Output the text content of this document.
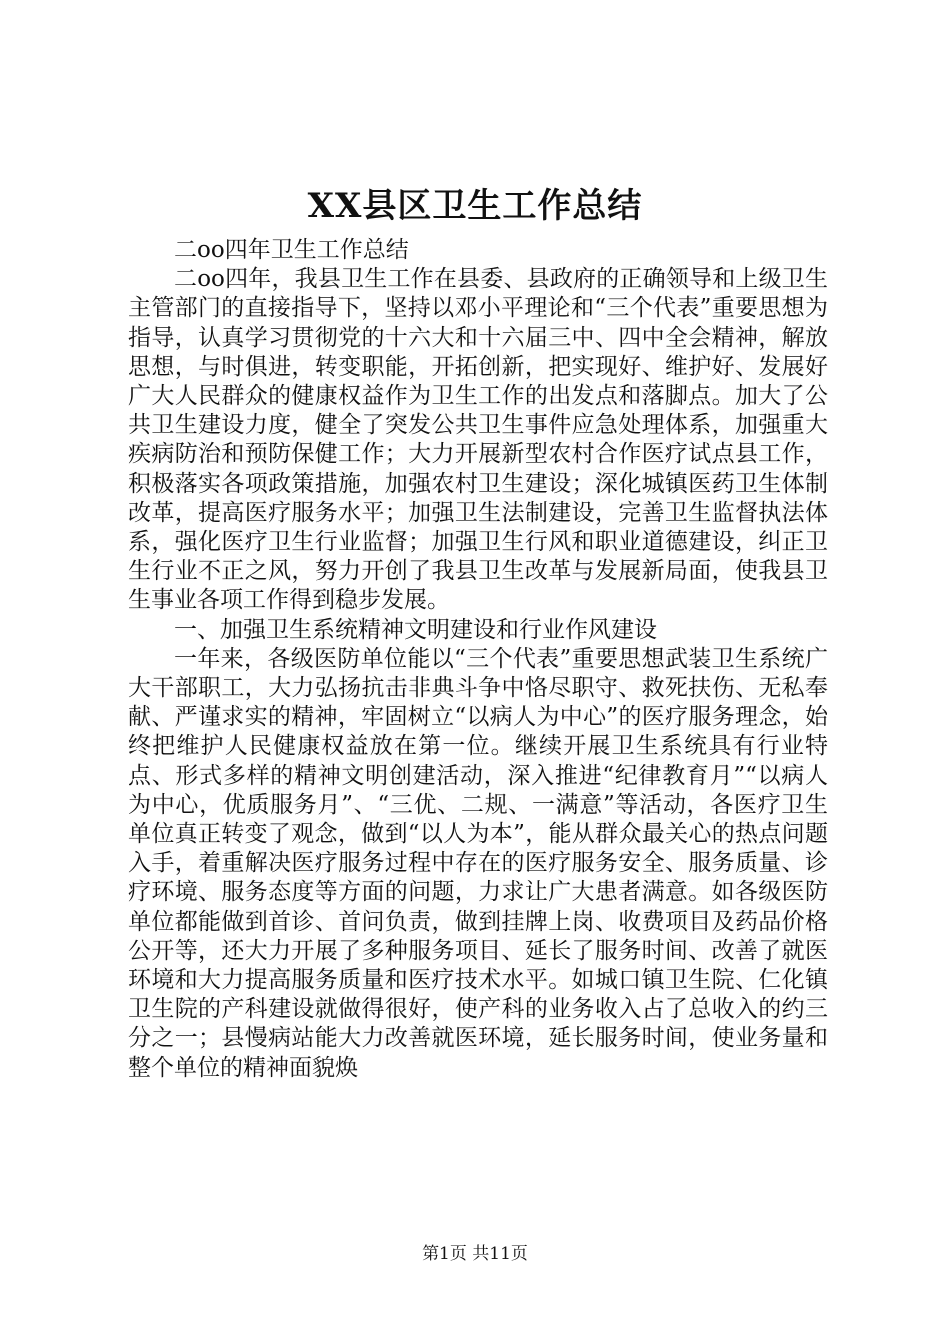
XX县区卫生工作总结

二oo四年卫生工作总结

二oo四年，我县卫生工作在县委、县政府的正确领导和上级卫生主管部门的直接指导下，坚持以邓小平理论和“三个代表”重要思想为指导，认真学习贯彻党的十六大和十六届三中、四中全会精神，解放思想，与时俱进，转变职能，开拓创新，把实现好、维护好、发展好广大人民群众的健康权益作为卫生工作的出发点和落脚点。加大了公共卫生建设力度，健全了突发公共卫生事件应急处理体系，加强重大疾病防治和预防保健工作；大力开展新型农村合作医疗试点县工作，积极落实各项政策措施，加强农村卫生建设；深化城镇医药卫生体制改革，提高医疗服务水平；加强卫生法制建设，完善卫生监督执法体系，强化医疗卫生行业监督；加强卫生行风和职业道德建设，纠正卫生行业不正之风，努力开创了我县卫生改革与发展新局面，使我县卫生事业各项工作得到稳步发展。

一、加强卫生系统精神文明建设和行业作风建设

一年来，各级医防单位能以“三个代表”重要思想武装卫生系统广大干部职工，大力弘扬抗击非典斗争中恪尽职守、救死扶伤、无私奉献、严谨求实的精神，牢固树立“以病人为中心”的医疗服务理念，始终把维护人民健康权益放在第一位。继续开展卫生系统具有行业特点、形式多样的精神文明创建活动，深入推进“纪律教育月”“以病人为中心，优质服务月”、“三优、二规、一满意”等活动，各医疗卫生单位真正转变了观念，做到“以人为本”，能从群众最关心的热点问题入手，着重解决医疗服务过程中存在的医疗服务安全、服务质量、诊疗环境、服务态度等方面的问题，力求让广大患者满意。如各级医防单位都能做到首诊、首问负责，做到挂牌上岗、收费项目及药品价格公开等，还大力开展了多种服务项目、延长了服务时间、改善了就医环境和大力提高服务质量和医疗技术水平。如城口镇卫生院、仁化镇卫生院的产科建设就做得很好，使产科的业务收入占了总收入的约三分之一；县慢病站能大力改善就医环境，延长服务时间，使业务量和整个单位的精神面貌焕

第1页 共11页
